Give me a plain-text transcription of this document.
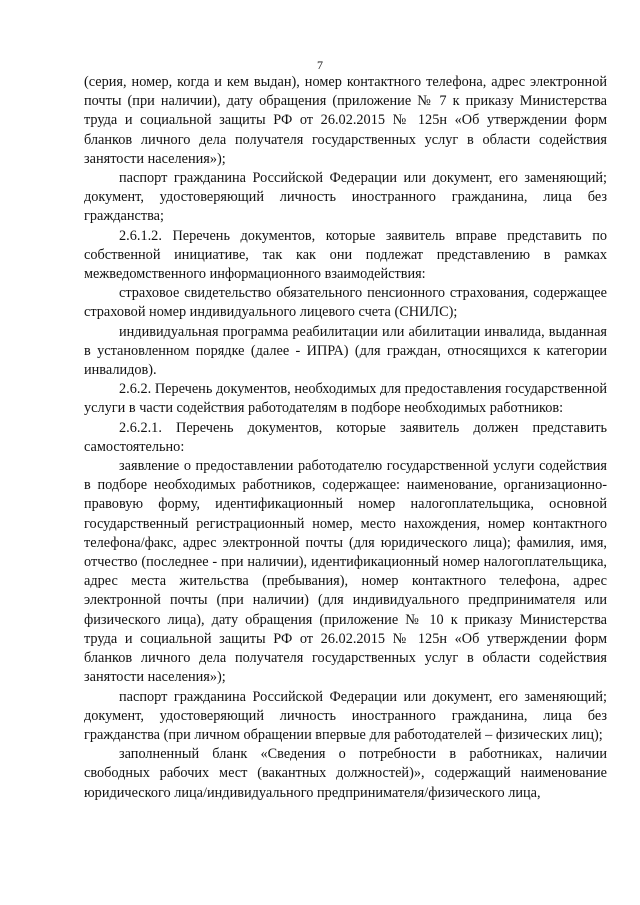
7

(серия, номер, когда и кем выдан), номер контактного телефона, адрес электронной почты (при наличии), дату обращения (приложение № 7 к приказу Министерства труда и социальной защиты РФ от 26.02.2015 № 125н «Об утверждении форм бланков личного дела получателя государственных услуг в области содействия занятости населения»);

паспорт гражданина Российской Федерации или документ, его заменяющий; документ, удостоверяющий личность иностранного гражданина, лица без гражданства;

2.6.1.2. Перечень документов, которые заявитель вправе представить по собственной инициативе, так как они подлежат представлению в рамках межведомственного информационного взаимодействия:

страховое свидетельство обязательного пенсионного страхования, содержащее страховой номер индивидуального лицевого счета (СНИЛС);

индивидуальная программа реабилитации или абилитации инвалида, выданная в установленном порядке (далее - ИПРА) (для граждан, относящихся к категории инвалидов).

2.6.2. Перечень документов, необходимых для предоставления государственной услуги в части содействия работодателям в подборе необходимых работников:

2.6.2.1. Перечень документов, которые заявитель должен представить самостоятельно:

заявление о предоставлении работодателю государственной услуги содействия в подборе необходимых работников, содержащее: наименование, организационно-правовую форму, идентификационный номер налогоплательщика, основной государственный регистрационный номер, место нахождения, номер контактного телефона/факс, адрес электронной почты (для юридического лица); фамилия, имя, отчество (последнее - при наличии), идентификационный номер налогоплательщика, адрес места жительства (пребывания), номер контактного телефона, адрес электронной почты (при наличии) (для индивидуального предпринимателя или физического лица), дату обращения (приложение № 10 к приказу Министерства труда и социальной защиты РФ от 26.02.2015 № 125н «Об утверждении форм бланков личного дела получателя государственных услуг в области содействия занятости населения»);

паспорт гражданина Российской Федерации или документ, его заменяющий; документ, удостоверяющий личность иностранного гражданина, лица без гражданства (при личном обращении впервые для работодателей – физических лиц);

заполненный бланк «Сведения о потребности в работниках, наличии свободных рабочих мест (вакантных должностей)», содержащий наименование юридического лица/индивидуального предпринимателя/физического лица,
